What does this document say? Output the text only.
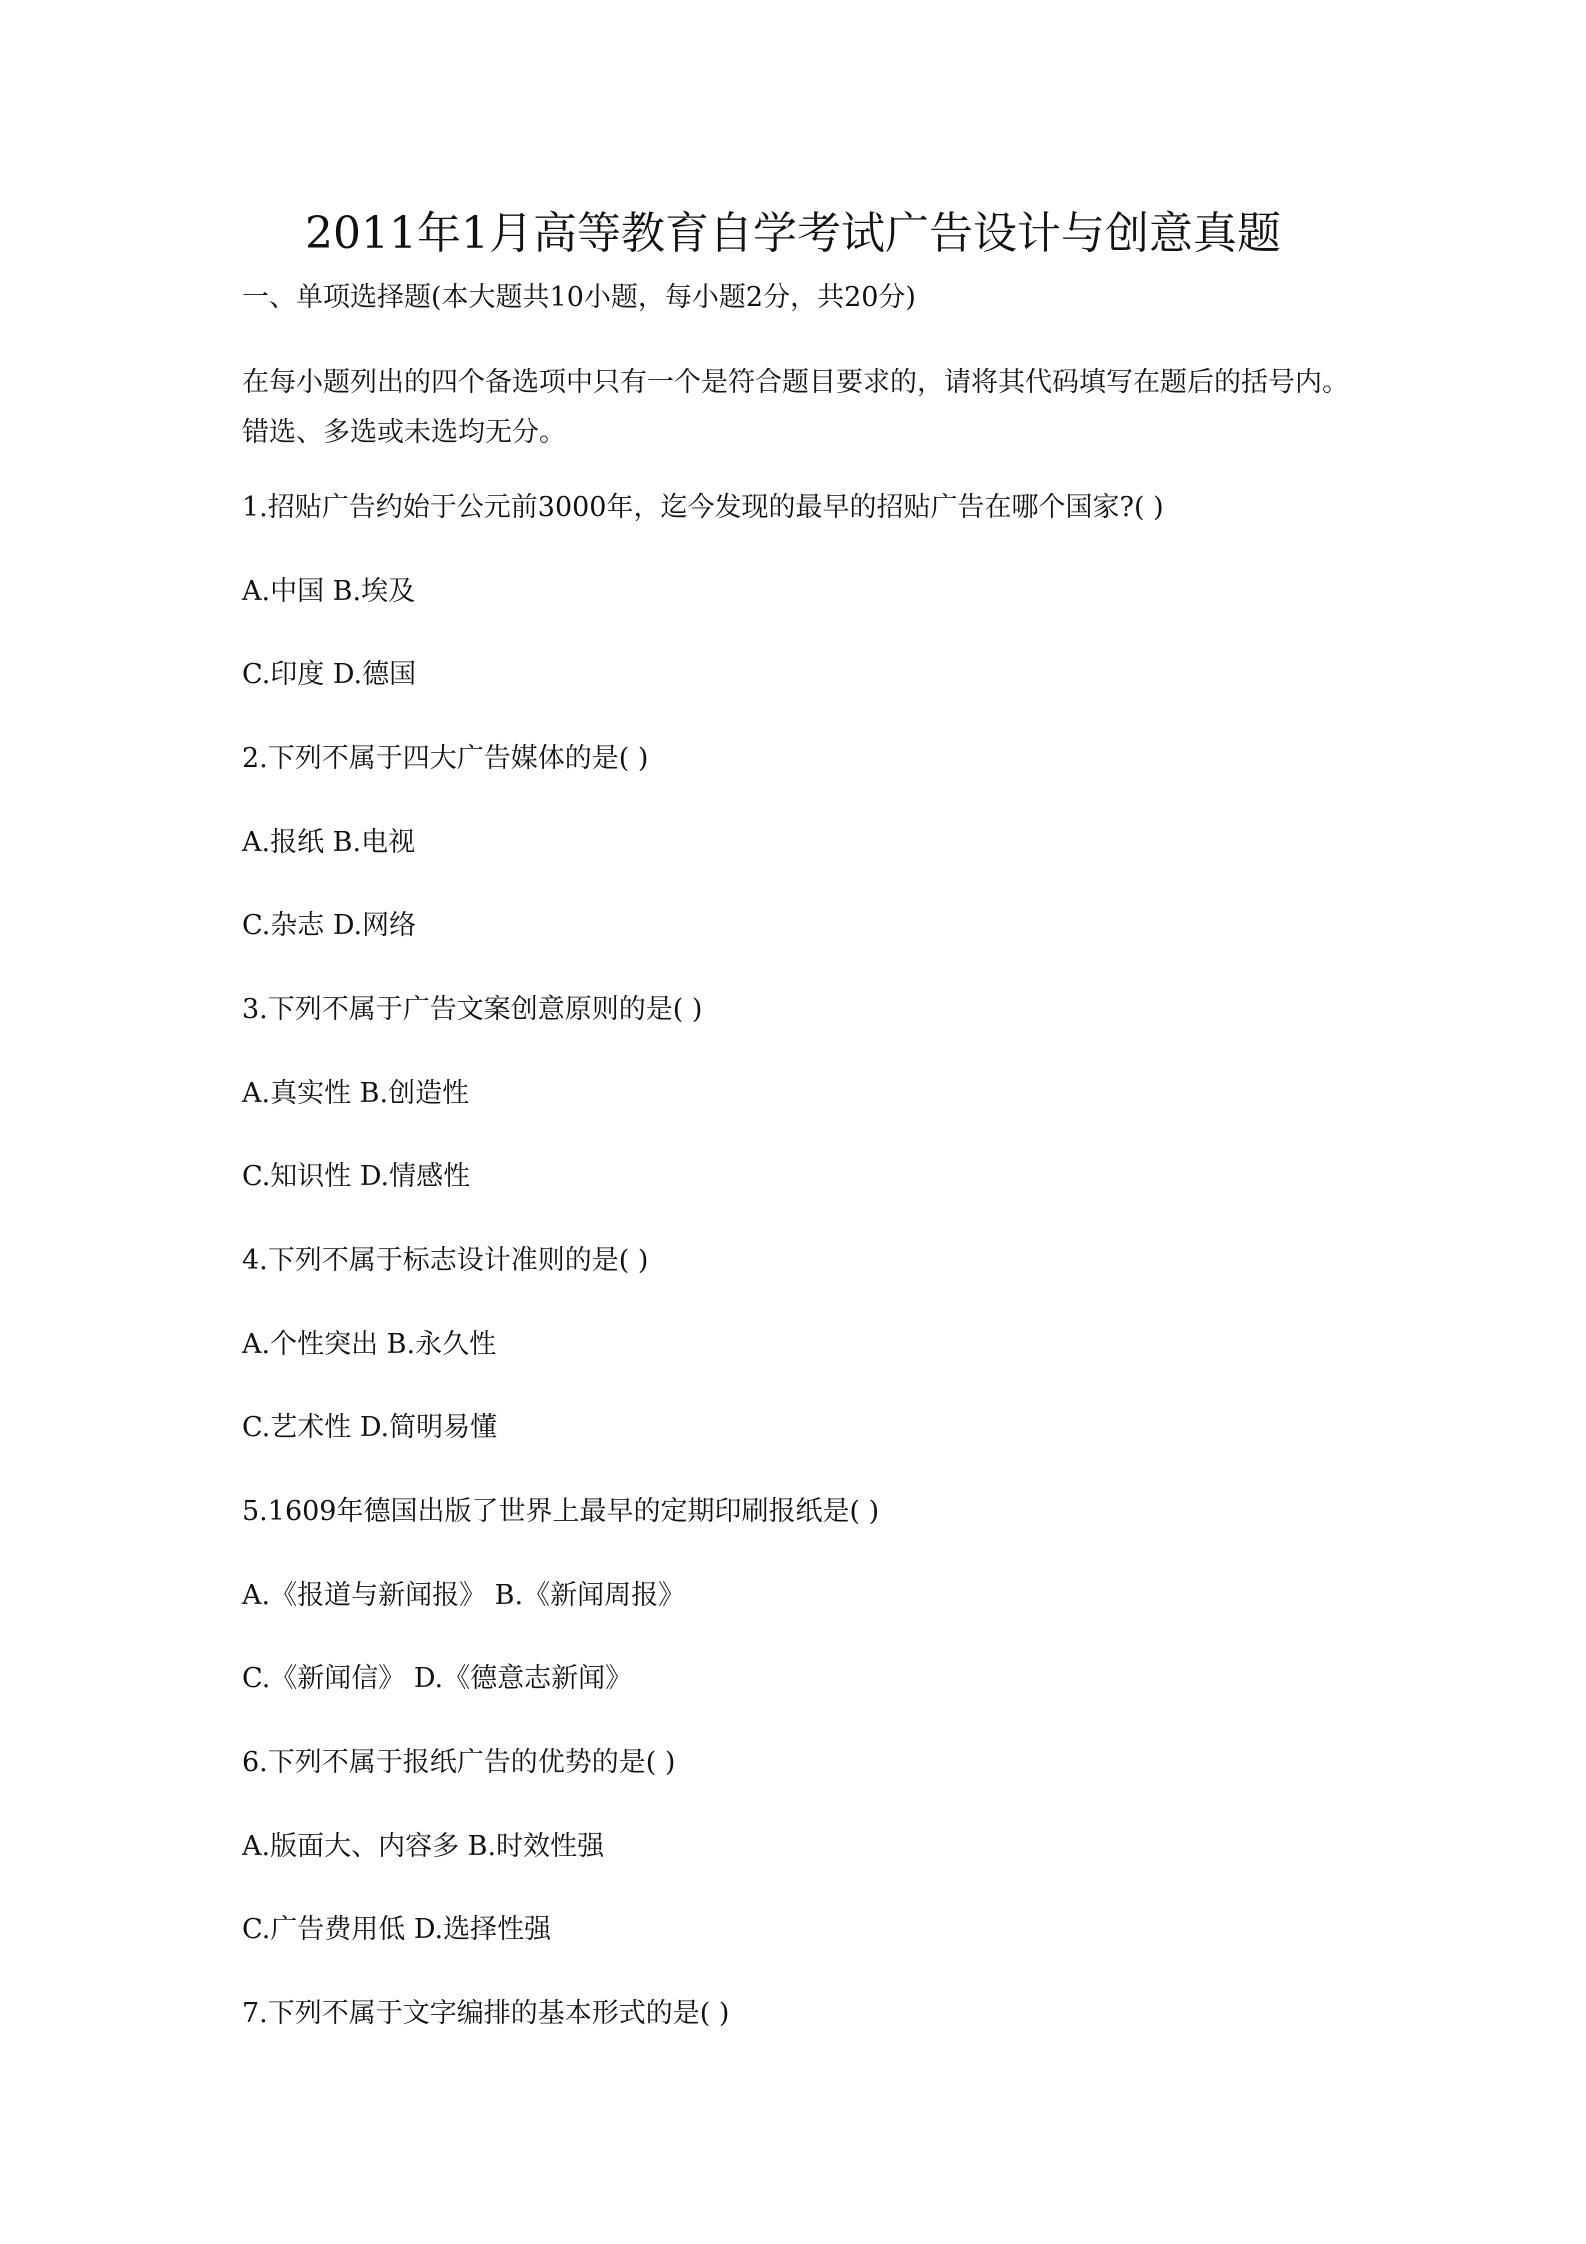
2011年1月高等教育自学考试广告设计与创意真题
一、单项选择题(本大题共10小题，每小题2分，共20分)
在每小题列出的四个备选项中只有一个是符合题目要求的，请将其代码填写在题后的括号内。错选、多选或未选均无分。
1.招贴广告约始于公元前3000年，迄今发现的最早的招贴广告在哪个国家?( )
A.中国 B.埃及
C.印度 D.德国
2.下列不属于四大广告媒体的是( )
A.报纸 B.电视
C.杂志 D.网络
3.下列不属于广告文案创意原则的是( )
A.真实性 B.创造性
C.知识性 D.情感性
4.下列不属于标志设计准则的是( )
A.个性突出 B.永久性
C.艺术性 D.简明易懂
5.1609年德国出版了世界上最早的定期印刷报纸是( )
A.《报道与新闻报》 B.《新闻周报》
C.《新闻信》 D.《德意志新闻》
6.下列不属于报纸广告的优势的是( )
A.版面大、内容多 B.时效性强
C.广告费用低 D.选择性强
7.下列不属于文字编排的基本形式的是( )
